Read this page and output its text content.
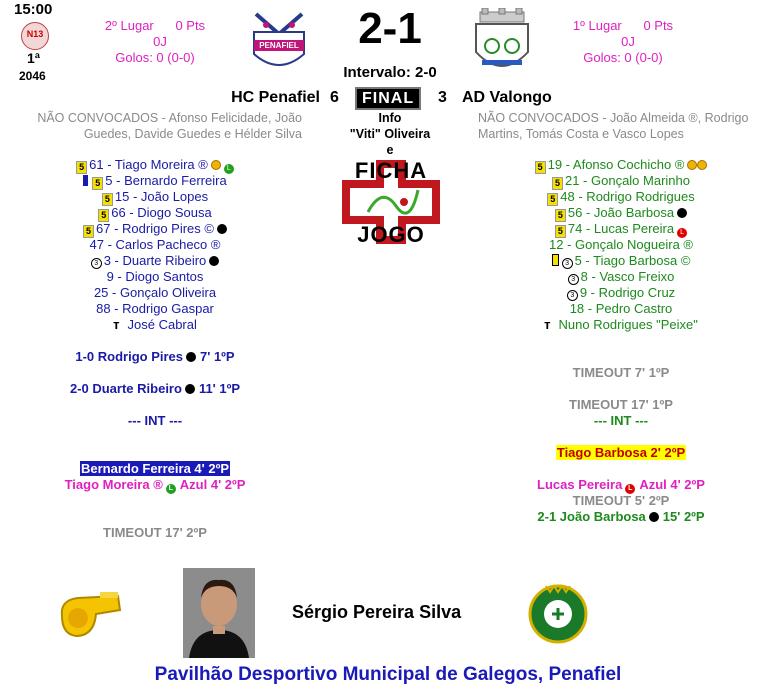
15:00
N13
1ª
2046
2º Lugar 0 Pts
0J
Golos: 0 (0-0)
PENAFIEL	2-1
Intervalo: 2-0
1º Lugar 0 Pts
0J
Golos: 0 (0-0)
HC Penafiel 6	FINAL	3 AD Valongo
NÃO CONVOCADOS - Afonso Felicidade, João Guedes, Davide Guedes e Hélder Silva
NÃO CONVOCADOS - João Almeida ®, Rodrigo Martins, Tomás Costa e Vasco Lopes
Info
"Viti" Oliveira
e
FICHA
JOGO
5 61 - Tiago Moreira ®	L
5 5 - Bernardo Ferreira
5 15 - João Lopes
5 66 - Diogo Sousa
5 67 - Rodrigo Pires ©
47 - Carlos Pacheco ®
3 3 - Duarte Ribeiro
9 - Diogo Santos
25 - Gonçalo Oliveira
88 - Rodrigo Gaspar
т José Cabral
5 19 - Afonso Cochicho ®
5 21 - Gonçalo Marinho
5 48 - Rodrigo Rodrigues
5 56 - João Barbosa
5 74 - Lucas Pereira L
12 - Gonçalo Nogueira ®
3 5 - Tiago Barbosa ©
3 8 - Vasco Freixo
3 9 - Rodrigo Cruz
18 - Pedro Castro
т Nuno Rodrigues "Peixe"
1-0 Rodrigo Pires 7' 1ºP
2-0 Duarte Ribeiro 11' 1ºP
--- INT ---
Bernardo Ferreira 4' 2ºP
Tiago Moreira ® L Azul 4' 2ºP
TIMEOUT 17' 2ºP
TIMEOUT 7' 1ºP
TIMEOUT 17' 1ºP
--- INT ---
Tiago Barbosa 2' 2ºP
Lucas Pereira L Azul 4' 2ºP
TIMEOUT 5' 2ºP
2-1 João Barbosa 15' 2ºP
Sérgio Pereira Silva
Pavilhão Desportivo Municipal de Galegos, Penafiel
